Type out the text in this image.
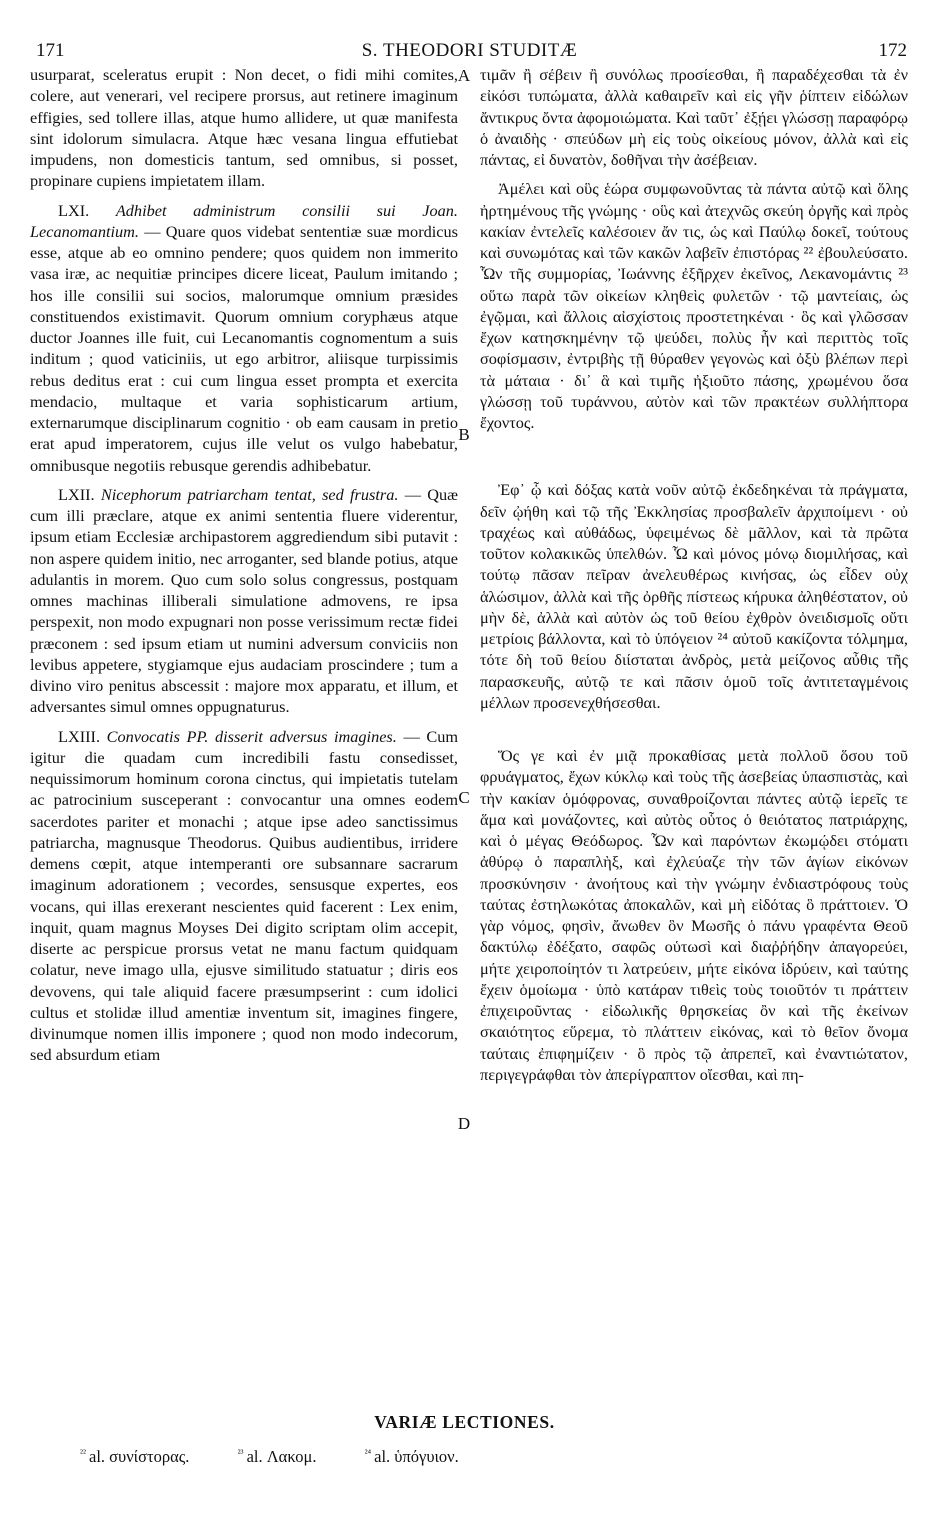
171	S. THEODORI STUDITÆ	172

usurparat, sceleratus erupit : Non decet, o fidi mihi comites, colere, aut venerari, vel recipere prorsus, aut retinere imaginum effigies, sed tollere illas, atque humo allidere, ut quæ manifesta sint idolorum simulacra. Atque hæc vesana lingua effutiebat impudens, non domesticis tantum, sed omnibus, si posset, propinare cupiens impietatem illam.

LXI. Adhibet administrum consilii sui Joan. Lecanomantium. — Quare quos videbat sententiæ suæ mordicus esse, atque ab eo omnino pendere; quos quidem non immerito vasa iræ, ac nequitiæ principes dicere liceat, Paulum imitando ; hos ille consilii sui socios, malorumque omnium præsides constituendos existimavit. Quorum omnium coryphæus atque ductor Joannes ille fuit, cui Lecanomantis cognomentum a suis inditum ; quod vaticiniis, ut ego arbitror, aliisque turpissimis rebus deditus erat : cui cum lingua esset prompta et exercita mendacio, multaque et varia sophisticarum artium, externarumque disciplinarum cognitio · ob eam causam in pretio erat apud imperatorem, cujus ille velut os vulgo habebatur, omnibusque negotiis rebusque gerendis adhibebatur.

LXII. Nicephorum patriarcham tentat, sed frustra. — Quæ cum illi præclare, atque ex animi sententia fluere viderentur, ipsum etiam Ecclesiæ archipastorem aggrediendum sibi putavit : non aspere quidem initio, nec arroganter, sed blande potius, atque adulantis in morem. Quo cum solo solus congressus, postquam omnes machinas illiberali simulatione admovens, re ipsa perspexit, non modo expugnari non posse verissimum rectæ fidei præconem : sed ipsum etiam ut numini adversum conviciis non levibus appetere, stygiamque ejus audaciam proscindere ; tum a divino viro penitus abscessit : majore mox apparatu, et illum, et adversantes simul omnes oppugnaturus.

LXIII. Convocatis PP. disserit adversus imagines. — Cum igitur die quadam cum incredibili fastu consedisset, nequissimorum hominum corona cinctus, qui impietatis tutelam ac patrocinium susceperant : convocantur una omnes eodem sacerdotes pariter et monachi ; atque ipse adeo sanctissimus patriarcha, magnusque Theodorus. Quibus audientibus, irridere demens cœpit, atque intemperanti ore subsannare sacrarum imaginum adorationem ; vecordes, sensusque expertes, eos vocans, qui illas erexerant nescientes quid facerent : Lex enim, inquit, quam magnus Moyses Dei digito scriptam olim accepit, diserte ac perspicue prorsus vetat ne manu factum quidquam colatur, neve imago ulla, ejusve similitudo statuatur ; diris eos devovens, qui tale aliquid facere præsumpserint : cum idolici cultus et stolidæ illud amentiæ inventum sit, imagines fingere, divinumque nomen illis imponere ; quod non modo indecorum, sed absurdum etiam

A
B
C
D

τιμᾶν ἢ σέβειν ἢ συνόλως προσίεσθαι, ἢ παραδέχεσθαι τὰ ἐν εἰκόσι τυπώματα, ἀλλὰ καθαιρεῖν καὶ εἰς γῆν ῥίπτειν εἰδώλων ἄντικρυς ὄντα ἀφομοιώματα. Καὶ ταῦτ᾽ ἐξῄει γλώσσῃ παραφόρῳ ὁ ἀναιδὴς · σπεύδων μὴ εἰς τοὺς οἰκείους μόνον, ἀλλὰ καὶ εἰς πάντας, εἰ δυνατὸν, δοθῆναι τὴν ἀσέβειαν.

Ἀμέλει καὶ οὓς ἑώρα συμφωνοῦντας τὰ πάντα αὐτῷ καὶ ὅλης ἠρτημένους τῆς γνώμης · οὓς καὶ ἀτεχνῶς σκεύη ὀργῆς καὶ πρὸς κακίαν ἐντελεῖς καλέσοιεν ἄν τις, ὡς καὶ Παύλῳ δοκεῖ, τούτους καὶ συνωμότας καὶ τῶν κακῶν λαβεῖν ἐπιστόρας ²² ἐβουλεύσατο. Ὧν τῆς συμμορίας, Ἰωάννης ἐξῆρχεν ἐκεῖνος, Λεκανομάντις ²³ οὕτω παρὰ τῶν οἰκείων κληθεὶς φυλετῶν · τῷ μαντείαις, ὡς ἐγῷμαι, καὶ ἄλλοις αἰσχίστοις προστετηκέναι · ὃς καὶ γλῶσσαν ἔχων κατησκημένην τῷ ψεύδει, πολὺς ἦν καὶ περιττὸς τοῖς σοφίσμασιν, ἐντριβὴς τῇ θύραθεν γεγονὼς καὶ ὀξὺ βλέπων περὶ τὰ μάταια · δι᾽ ἃ καὶ τιμῆς ἠξιοῦτο πάσης, χρωμένου ὅσα γλώσσῃ τοῦ τυράννου, αὐτὸν καὶ τῶν πρακτέων συλλήπτορα ἔχοντος.

Ἐφ᾽ ᾧ καὶ δόξας κατὰ νοῦν αὐτῷ ἐκδεδηκέναι τὰ πράγματα, δεῖν ᾠήθη καὶ τῷ τῆς Ἐκκλησίας προσβαλεῖν ἀρχιποίμενι · οὐ τραχέως καὶ αὐθάδως, ὑφειμένως δὲ μᾶλλον, καὶ τὰ πρῶτα τοῦτον κολακικῶς ὑπελθών. Ὧ καὶ μόνος μόνῳ διομιλήσας, καὶ τούτῳ πᾶσαν πεῖραν ἀνελευθέρως κινήσας, ὡς εἶδεν οὐχ ἁλώσιμον, ἀλλὰ καὶ τῆς ὀρθῆς πίστεως κήρυκα ἀληθέστατον, οὐ μὴν δὲ, ἀλλὰ καὶ αὐτὸν ὡς τοῦ θείου ἐχθρὸν ὀνειδισμοῖς οὔτι μετρίοις βάλλοντα, καὶ τὸ ὑπόγειον ²⁴ αὐτοῦ κακίζοντα τόλμημα, τότε δὴ τοῦ θείου διίσταται ἀνδρὸς, μετὰ μείζονος αὖθις τῆς παρασκευῆς, αὐτῷ τε καὶ πᾶσιν ὁμοῦ τοῖς ἀντιτεταγμένοις μέλλων προσενεχθήσεσθαι.

Ὅς γε καὶ ἐν μιᾷ προκαθίσας μετὰ πολλοῦ ὅσου τοῦ φρυάγματος, ἔχων κύκλῳ καὶ τοὺς τῆς ἀσεβείας ὑπασπιστὰς, καὶ τὴν κακίαν ὁμόφρονας, συναθροίζονται πάντες αὐτῷ ἱερεῖς τε ἅμα καὶ μονάζοντες, καὶ αὐτὸς οὗτος ὁ θειότατος πατριάρχης, καὶ ὁ μέγας Θεόδωρος. Ὧν καὶ παρόντων ἐκωμῴδει στόματι ἀθύρῳ ὁ παραπλὴξ, καὶ ἐχλεύαζε τὴν τῶν ἁγίων εἰκόνων προσκύνησιν · ἀνοήτους καὶ τὴν γνώμην ἐνδιαστρόφους τοὺς ταύτας ἐστηλωκότας ἀποκαλῶν, καὶ μὴ εἰδότας ὃ πράττοιεν. Ὁ γὰρ νόμος, φησὶν, ἄνωθεν ὃν Μωσῆς ὁ πάνυ γραφέντα Θεοῦ δακτύλῳ ἐδέξατο, σαφῶς οὑτωσὶ καὶ διαῤῥήδην ἀπαγορεύει, μήτε χειροποίητόν τι λατρεύειν, μήτε εἰκόνα ἱδρύειν, καὶ ταύτης ἔχειν ὁμοίωμα · ὑπὸ κατάραν τιθεὶς τοὺς τοιοῦτόν τι πράττειν ἐπιχειροῦντας · εἰδωλικῆς θρησκείας ὂν καὶ τῆς ἐκείνων σκαιότητος εὕρεμα, τὸ πλάττειν εἰκόνας, καὶ τὸ θεῖον ὄνομα ταύταις ἐπιφημίζειν · ὃ πρὸς τῷ ἀπρεπεῖ, καὶ ἐναντιώτατον, περιγεγράφθαι τὸν ἀπερίγραπτον οἴεσθαι, καὶ πη-

VARIÆ LECTIONES.
$^{^{22}}$ al. συνίστορας.	$^{^{23}}$ al. Λακομ.	$^{^{24}}$ al. ὑπόγυιον.
